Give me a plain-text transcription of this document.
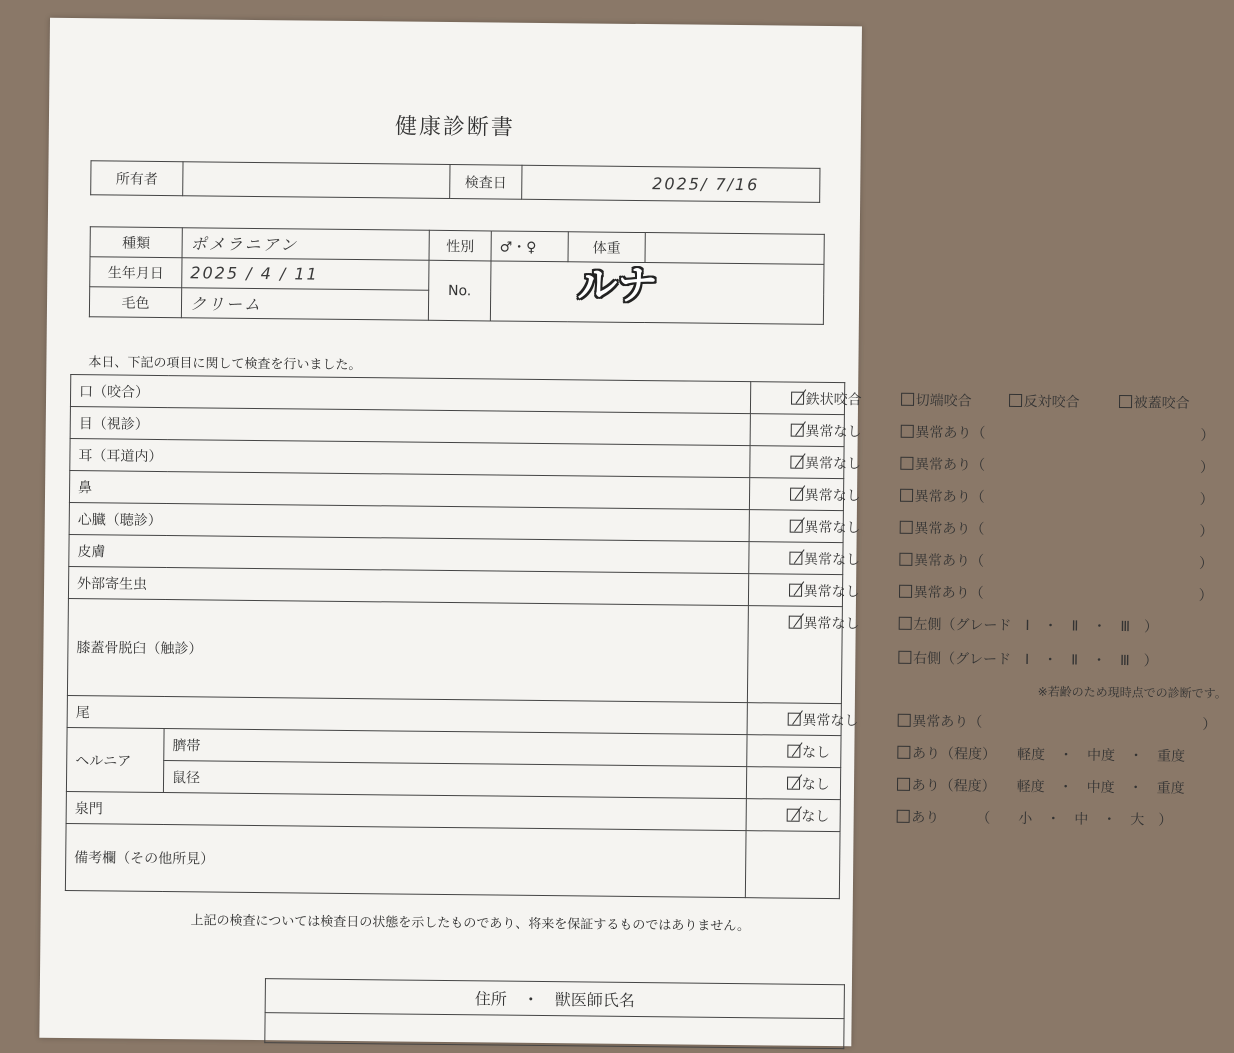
健康診断書
所有者		検査日	2025/ 7/16
種類	ポメラニアン	性別	♂・♀	体重	
生年月日	2025 / 4 / 11	No.			
毛色	クリーム					ルナ
本日、下記の項目に関して検査を行いました。
口（咬合）		鉄状咬合 切端咬合 反対咬合 被蓋咬合

目（視診）		異常なし 異常あり（ ）

耳（耳道内）		異常なし 異常あり（ ）

鼻		異常なし 異常あり（ ）

心臓（聴診）		異常なし 異常あり（ ）

皮膚		異常なし 異常あり（ ）

外部寄生虫		異常なし 異常あり（ ）

膝蓋骨脱臼（触診）		異常なし 左側（グレード　Ⅰ　・　Ⅱ　・　Ⅲ　）
右側（グレード　Ⅰ　・　Ⅱ　・　Ⅲ　）
※若齢のため現時点での診断です。

尾		異常なし 異常あり（ ）

ヘルニア	臍帯	なし あり（程度） 軽度　・　中度　・　重度

	鼠径	なし あり（程度） 軽度　・　中度　・　重度

泉門		なし あり （　　小　・　中　・　大　）

備考欄（その他所見）		
上記の検査については検査日の状態を示したものであり、将来を保証するものではありません。
住所　・　獣医師氏名
